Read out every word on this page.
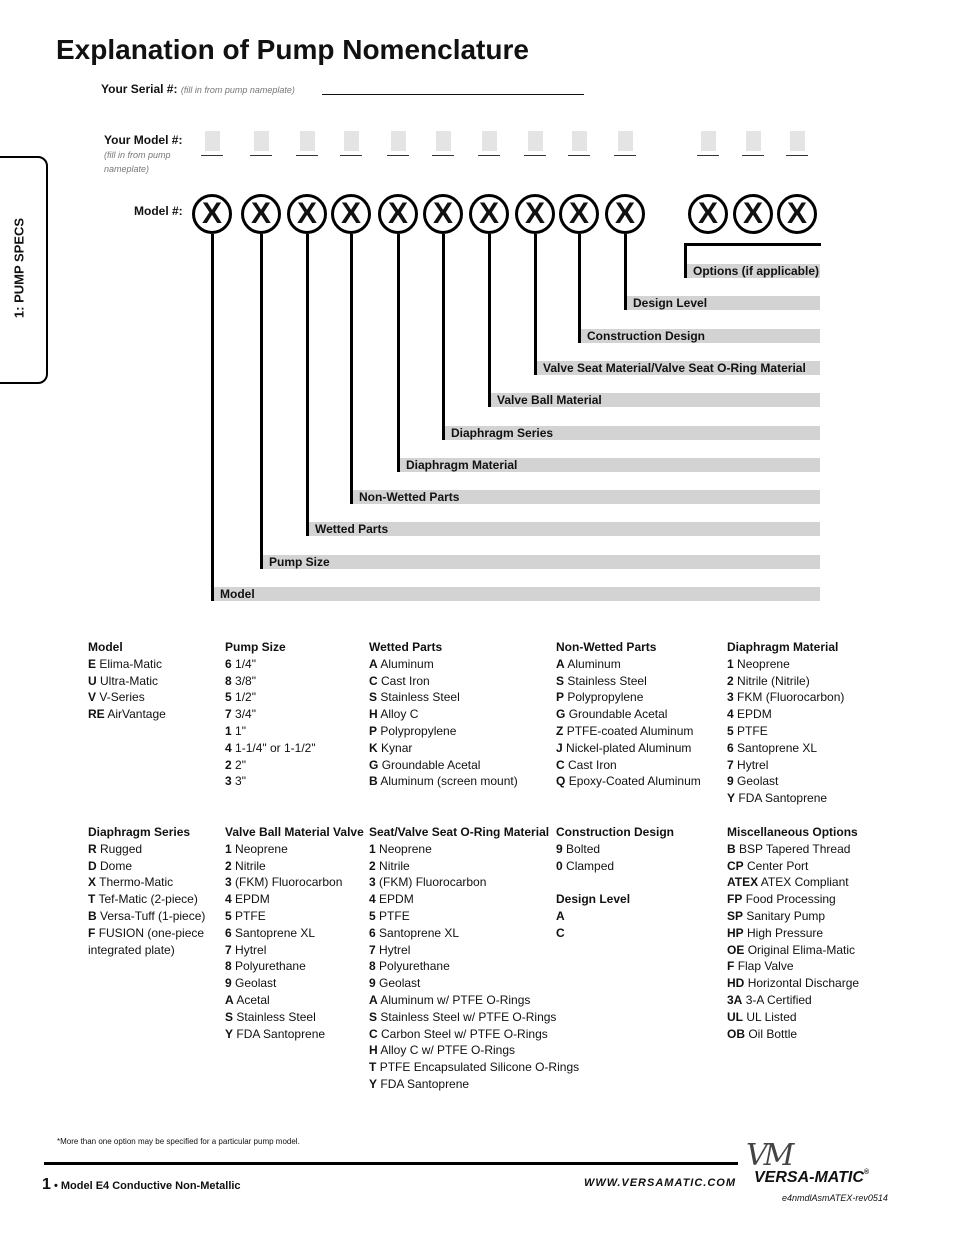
Explanation of Pump Nomenclature
Your Serial #: (fill in from pump nameplate)
Your Model #:
(fill in from pump nameplate)
Model #: X X X X X X X X X X	X X X
Options (if applicable)
Design Level
Construction Design
Valve Seat Material/Valve Seat O-Ring Material
Valve Ball Material
Diaphragm Series
Diaphragm Material
Non-Wetted Parts
Wetted Parts
Pump Size
Model
1: PUMP SPECS
Model
E Elima-Matic
U Ultra-Matic
V V-Series
RE AirVantage
Pump Size
6 1/4"
8 3/8"
5 1/2"
7 3/4"
1 1"
4 1-1/4" or 1-1/2"
2 2"
3 3"
Wetted Parts
A Aluminum
C Cast Iron
S Stainless Steel
H Alloy C
P Polypropylene
K Kynar
G Groundable Acetal
B Aluminum (screen mount)
Non-Wetted Parts
A Aluminum
S Stainless Steel
P Polypropylene
G Groundable Acetal
Z PTFE-coated Aluminum
J Nickel-plated Aluminum
C Cast Iron
Q Epoxy-Coated Aluminum
Diaphragm Material
1 Neoprene
2 Nitrile (Nitrile)
3 FKM (Fluorocarbon)
4 EPDM
5 PTFE
6 Santoprene XL
7 Hytrel
9 Geolast
Y FDA Santoprene
Diaphragm Series
R Rugged
D Dome
X Thermo-Matic
T Tef-Matic (2-piece)
B Versa-Tuff (1-piece)
F FUSION (one-piece
integrated plate)
Valve Ball Material Valve
1 Neoprene
2 Nitrile
3 (FKM) Fluorocarbon
4 EPDM
5 PTFE
6 Santoprene XL
7 Hytrel
8 Polyurethane
9 Geolast
A Acetal
S Stainless Steel
Y FDA Santoprene
Seat/Valve Seat O-Ring Material
1 Neoprene
2 Nitrile
3 (FKM) Fluorocarbon
4 EPDM
5 PTFE
6 Santoprene XL
7 Hytrel
8 Polyurethane
9 Geolast
A Aluminum w/ PTFE O-Rings
S Stainless Steel w/ PTFE O-Rings
C Carbon Steel w/ PTFE O-Rings
H Alloy C w/ PTFE O-Rings
T PTFE Encapsulated Silicone O-Rings
Y FDA Santoprene
Construction Design
9 Bolted
0 Clamped
Design Level
A
C
Miscellaneous Options
B BSP Tapered Thread
CP Center Port
ATEX ATEX Compliant
FP Food Processing
SP Sanitary Pump
HP High Pressure
OE Original Elima-Matic
F Flap Valve
HD Horizontal Discharge
3A 3-A Certified
UL UL Listed
OB Oil Bottle
*More than one option may be specified for a particular pump model.
1 • Model E4 Conductive Non-Metallic	WWW.VERSAMATIC.COM
VM
VERSA-MATIC®
e4nmdlAsmATEX-rev0514
